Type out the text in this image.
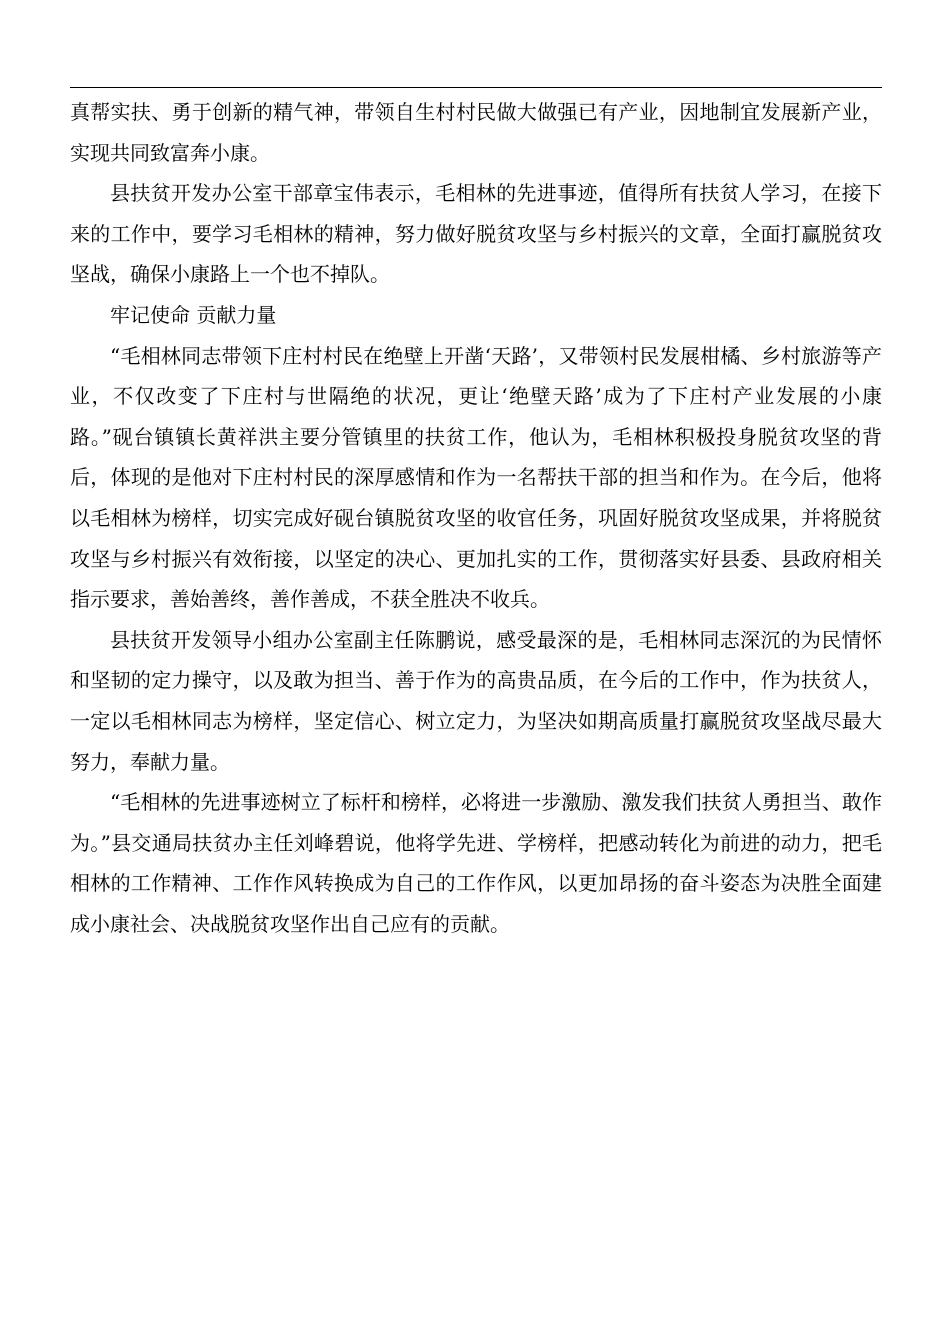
真帮实扶、勇于创新的精气神，带领自生村村民做大做强已有产业，因地制宜发展新产业，实现共同致富奔小康。

县扶贫开发办公室干部章宝伟表示，毛相林的先进事迹，值得所有扶贫人学习，在接下来的工作中，要学习毛相林的精神，努力做好脱贫攻坚与乡村振兴的文章，全面打赢脱贫攻坚战，确保小康路上一个也不掉队。

牢记使命 贡献力量

“毛相林同志带领下庄村村民在绝壁上开凿‘天路’，又带领村民发展柑橘、乡村旅游等产业，不仅改变了下庄村与世隔绝的状况，更让‘绝壁天路’成为了下庄村产业发展的小康路。”砚台镇镇长黄祥洪主要分管镇里的扶贫工作，他认为，毛相林积极投身脱贫攻坚的背后，体现的是他对下庄村村民的深厚感情和作为一名帮扶干部的担当和作为。在今后，他将以毛相林为榜样，切实完成好砚台镇脱贫攻坚的收官任务，巩固好脱贫攻坚成果，并将脱贫攻坚与乡村振兴有效衔接，以坚定的决心、更加扎实的工作，贯彻落实好县委、县政府相关指示要求，善始善终，善作善成，不获全胜决不收兵。

县扶贫开发领导小组办公室副主任陈鹏说，感受最深的是，毛相林同志深沉的为民情怀和坚韧的定力操守，以及敢为担当、善于作为的高贵品质，在今后的工作中，作为扶贫人，一定以毛相林同志为榜样，坚定信心、树立定力，为坚决如期高质量打赢脱贫攻坚战尽最大努力，奉献力量。

“毛相林的先进事迹树立了标杆和榜样，必将进一步激励、激发我们扶贫人勇担当、敢作为。”县交通局扶贫办主任刘峰碧说，他将学先进、学榜样，把感动转化为前进的动力，把毛相林的工作精神、工作作风转换成为自己的工作作风，以更加昂扬的奋斗姿态为决胜全面建成小康社会、决战脱贫攻坚作出自己应有的贡献。
